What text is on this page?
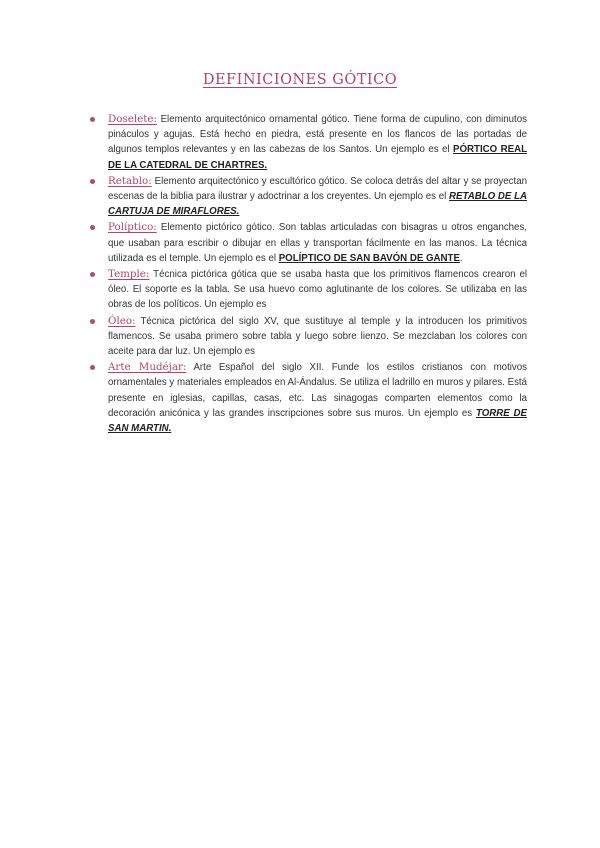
DEFINICIONES GÓTICO
Doselete: Elemento arquitectónico ornamental gótico. Tiene forma de cupulino, con diminutos pináculos y agujas. Está hecho en piedra, está presente en los flancos de las portadas de algunos templos relevantes y en las cabezas de los Santos. Un ejemplo es el PÓRTICO REAL DE LA CATEDRAL DE CHARTRES.
Retablo: Elemento arquitectónico y escultórico gótico. Se coloca detrás del altar y se proyectan escenas de la biblia para ilustrar y adoctrinar a los creyentes. Un ejemplo es el RETABLO DE LA CARTUJA DE MIRAFLORES.
Políptico: Elemento pictórico gótico. Son tablas articuladas con bisagras u otros enganches, que usaban para escribir o dibujar en ellas y transportan fácilmente en las manos. La técnica utilizada es el temple. Un ejemplo es el POLÍPTICO DE SAN BAVÓN DE GANTE.
Temple: Técnica pictórica gótica que se usaba hasta que los primitivos flamencos crearon el óleo. El soporte es la tabla. Se usa huevo como aglutinante de los colores. Se utilizaba en las obras de los políticos. Un ejemplo es
Óleo: Técnica pictórica del siglo XV, que sustituye al temple y la introducen los primitivos flamencos. Se usaba primero sobre tabla y luego sobre lienzo. Se mezclaban los colores con aceite para dar luz. Un ejemplo es
Arte Mudéjar: Arte Español del siglo XII. Funde los estilos cristianos con motivos ornamentales y materiales empleados en Al-Ándalus. Se utiliza el ladrillo en muros y pilares. Está presente en iglesias, capillas, casas, etc. Las sinagogas comparten elementos como la decoración anicónica y las grandes inscripciones sobre sus muros. Un ejemplo es TORRE DE SAN MARTIN.
